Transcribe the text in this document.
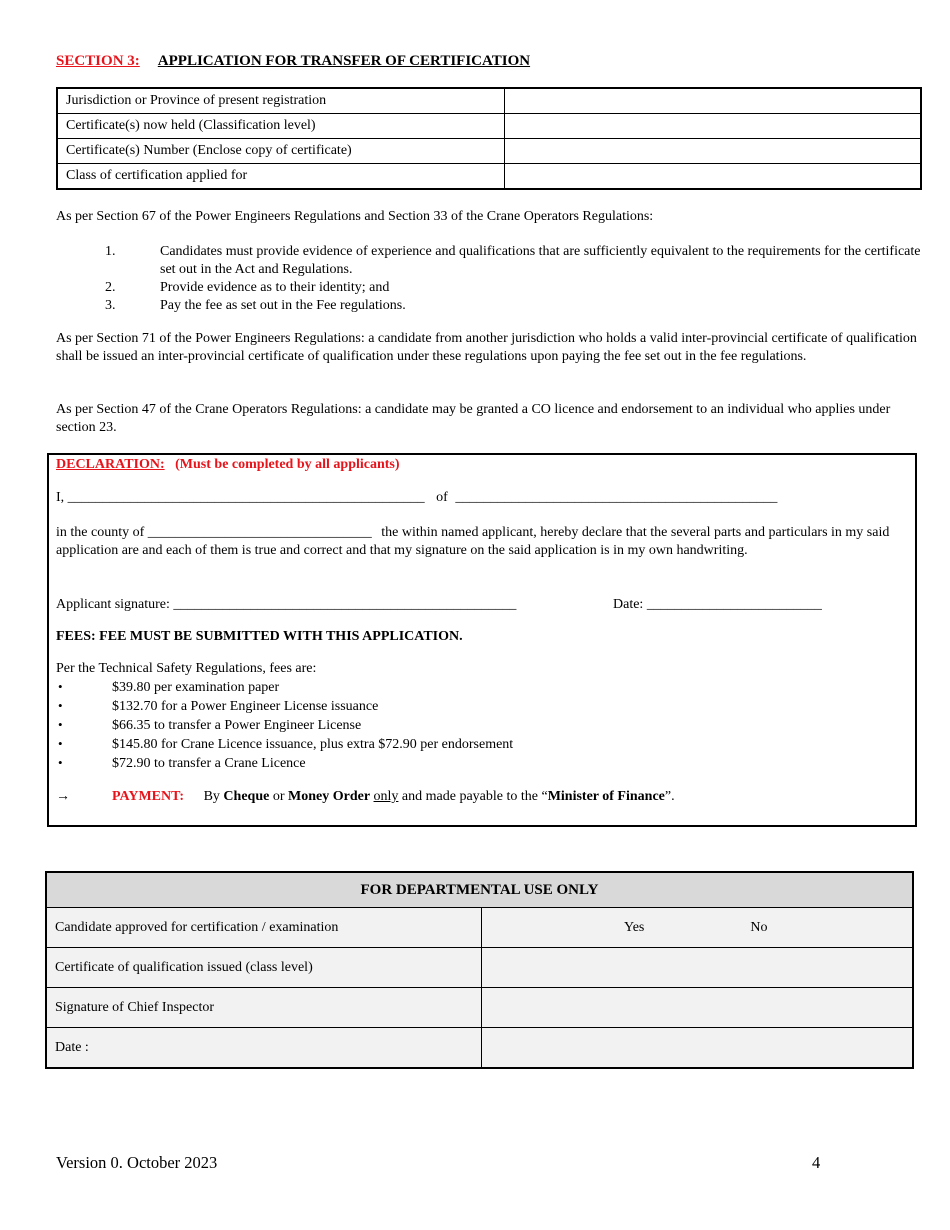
SECTION 3: APPLICATION FOR TRANSFER OF CERTIFICATION
Jurisdiction or Province of present registration	
Certificate(s) now held (Classification level)	
Certificate(s) Number (Enclose copy of certificate)	
Class of certification applied for	
As per Section 67 of the Power Engineers Regulations and Section 33 of the Crane Operators Regulations:
1.	Candidates must provide evidence of experience and qualifications that are sufficiently equivalent to the requirements for the certificate set out in the Act and Regulations.
2.	Provide evidence as to their identity; and
3.	Pay the fee as set out in the Fee regulations.
As per Section 71 of the Power Engineers Regulations: a candidate from another jurisdiction who holds a valid inter-provincial certificate of qualification shall be issued an inter-provincial certificate of qualification under these regulations upon paying the fee set out in the fee regulations.
As per Section 47 of the Crane Operators Regulations: a candidate may be granted a CO licence and endorsement to an individual who applies under section 23.
DECLARATION: (Must be completed by all applicants)
I, ___________________________________________________ of ______________________________________________
in the county of ________________________________ the within named applicant, hereby declare that the several parts and particulars in my said application are and each of them is true and correct and that my signature on the said application is in my own handwriting.
Applicant signature: _________________________________________________	Date: _________________________
FEES: FEE MUST BE SUBMITTED WITH THIS APPLICATION.
Per the Technical Safety Regulations, fees are:
•
$39.80 per examination paper
•
$132.70 for a Power Engineer License issuance
•
$66.35 to transfer a Power Engineer License
•
$145.80 for Crane Licence issuance, plus extra $72.90 per endorsement
•
$72.90 to transfer a Crane Licence
→	PAYMENT: By Cheque or Money Order only and made payable to the “Minister of Finance”.
FOR DEPARTMENTAL USE ONLY	
Candidate approved for certification / examination	Yes No
Certificate of qualification issued (class level)	
Signature of Chief Inspector	
Date :	
Version 0. October 2023	4
